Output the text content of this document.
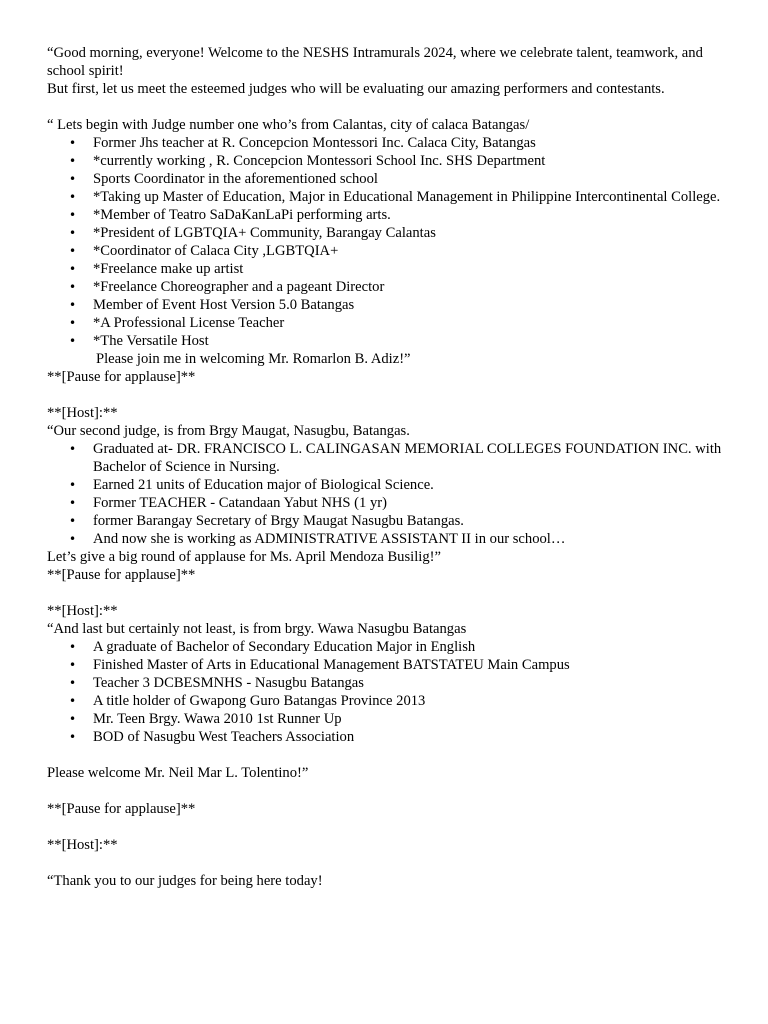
“Good morning, everyone! Welcome to the NESHS Intramurals 2024, where we celebrate talent, teamwork, and school spirit!

But first, let us meet the esteemed judges who will be evaluating our amazing performers and contestants.

“ Lets begin with Judge number one who’s from Calantas, city of calaca Batangas/

• Former Jhs teacher at R. Concepcion Montessori Inc. Calaca City, Batangas
• *currently working , R. Concepcion Montessori School Inc. SHS Department
• Sports Coordinator in the aforementioned school
• *Taking up Master of Education, Major in Educational Management in Philippine Intercontinental College.
• *Member of Teatro SaDaKanLaPi performing arts.
• *President of LGBTQIA+ Community, Barangay Calantas
• *Coordinator of Calaca City ,LGBTQIA+
• *Freelance make up artist
• *Freelance Choreographer and a pageant Director
• Member of Event Host Version 5.0 Batangas
• *A Professional License Teacher
• *The Versatile Host

Please join me in welcoming Mr. Romarlon B. Adiz!”

**[Pause for applause]**

**[Host]:**

“Our second judge, is from Brgy Maugat, Nasugbu, Batangas.

• Graduated at- DR. FRANCISCO L. CALINGASAN MEMORIAL COLLEGES FOUNDATION INC. with Bachelor of Science in Nursing.
• Earned 21 units of Education major of Biological Science.
• Former TEACHER - Catandaan Yabut NHS (1 yr)
• former Barangay Secretary of Brgy Maugat Nasugbu Batangas.
• And now she is working as ADMINISTRATIVE ASSISTANT II in our school…

Let’s give a big round of applause for Ms. April Mendoza Busilig!”

**[Pause for applause]**

**[Host]:**

“And last but certainly not least, is from brgy. Wawa Nasugbu Batangas

• A graduate of Bachelor of Secondary Education Major in English
• Finished Master of Arts in Educational Management BATSTATEU Main Campus
• Teacher 3 DCBESMNHS - Nasugbu Batangas
• A title holder of Gwapong Guro Batangas Province 2013
• Mr. Teen Brgy. Wawa 2010 1st Runner Up
• BOD of Nasugbu West Teachers Association

Please welcome Mr. Neil Mar L. Tolentino!”

**[Pause for applause]**

**[Host]:**

“Thank you to our judges for being here today!
